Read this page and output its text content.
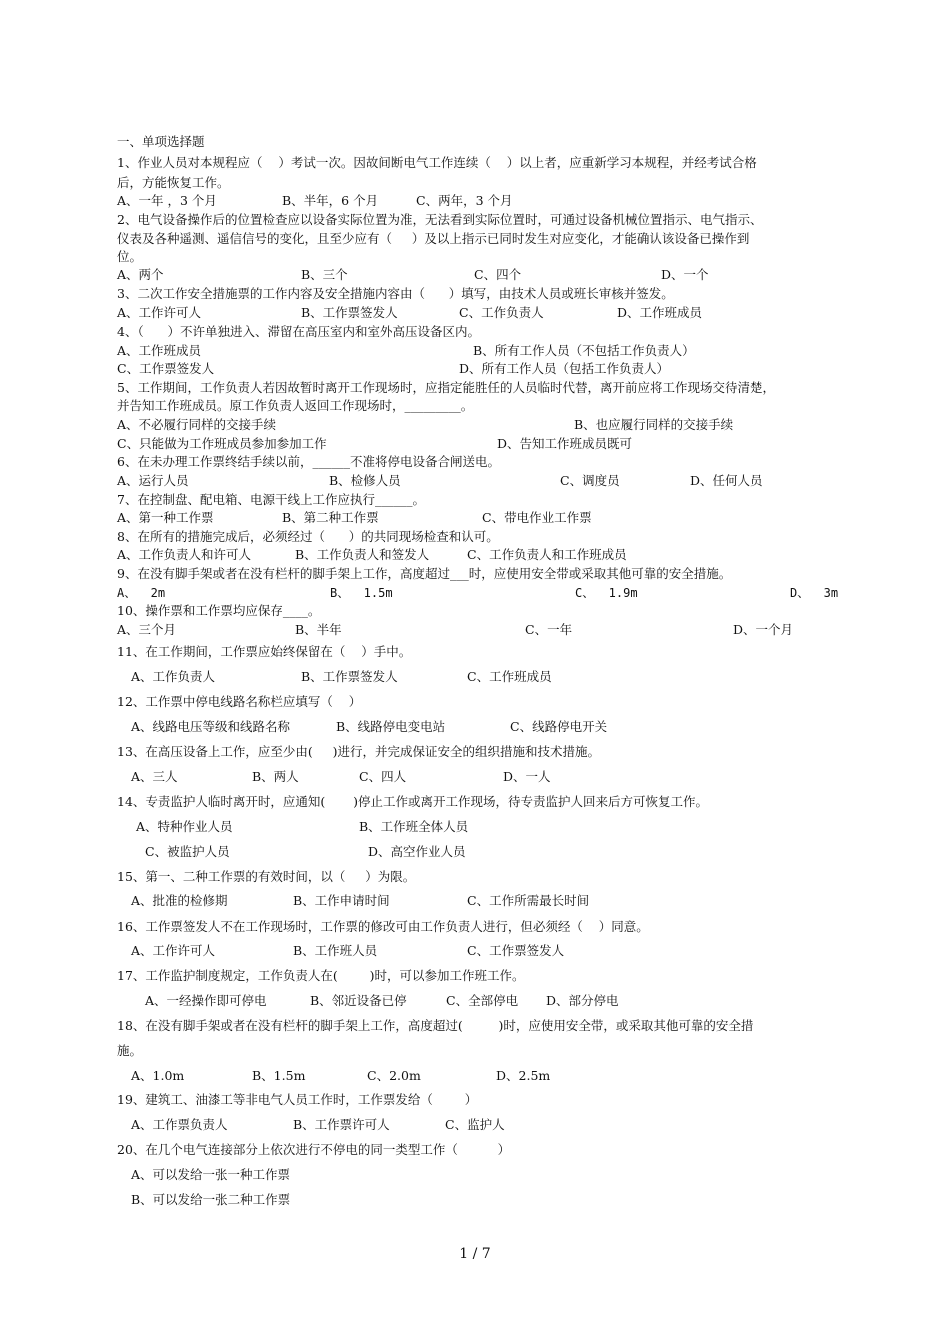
一、单项选择题
1、作业人员对本规程应（    ）考试一次。因故间断电气工作连续（    ）以上者，应重新学习本规程，并经考试合格
后，方能恢复工作。
A、一年 ，3 个月	B、半年，6 个月	C、两年，3 个月
2、电气设备操作后的位置检查应以设备实际位置为准，无法看到实际位置时，可通过设备机械位置指示、电气指示、
仪表及各种遥测、遥信信号的变化，且至少应有（     ）及以上指示已同时发生对应变化，才能确认该设备已操作到
位。
A、两个	B、三个	C、四个	D、一个
3、二次工作安全措施票的工作内容及安全措施内容由（      ）填写，由技术人员或班长审核并签发。
A、工作许可人	B、工作票签发人	C、工作负责人	D、工作班成员
4、（      ）不许单独进入、滞留在高压室内和室外高压设备区内。
A、工作班成员	B、所有工作人员（不包括工作负责人）
C、工作票签发人	D、所有工作人员（包括工作负责人）
5、工作期间，工作负责人若因故暂时离开工作现场时，应指定能胜任的人员临时代替，离开前应将工作现场交待清楚，
并告知工作班成员。原工作负责人返回工作现场时，_________。
A、不必履行同样的交接手续	B、也应履行同样的交接手续
C、只能做为工作班成员参加参加工作	D、告知工作班成员既可
6、在未办理工作票终结手续以前，______不准将停电设备合闸送电。
A、运行人员	B、检修人员	C、调度员	D、任何人员
7、在控制盘、配电箱、电源干线上工作应执行______。
A、第一种工作票	B、第二种工作票	C、带电作业工作票
8、在所有的措施完成后，必须经过（      ）的共同现场检查和认可。
A、工作负责人和许可人	B、工作负责人和签发人	C、工作负责人和工作班成员
9、在没有脚手架或者在没有栏杆的脚手架上工作，高度超过___时，应使用安全带或采取其他可靠的安全措施。
A、  2m	B、  1.5m	C、  1.9m	D、  3m
10、操作票和工作票均应保存____。
A、三个月	B、半年	C、一年	D、一个月
11、在工作期间，工作票应始终保留在（    ）手中。
A、工作负责人	B、工作票签发人	C、工作班成员
12、工作票中停电线路名称栏应填写（    ）
A、线路电压等级和线路名称	B、线路停电变电站	C、线路停电开关
13、在高压设备上工作，应至少由(     )进行，并完成保证安全的组织措施和技术措施。
A、三人	B、两人	C、四人	D、一人
14、专责监护人临时离开时，应通知(       )停止工作或离开工作现场，待专责监护人回来后方可恢复工作。
A、特种作业人员	B、工作班全体人员
C、被监护人员	D、高空作业人员
15、第一、二种工作票的有效时间，以（     ）为限。
A、批准的检修期	B、工作申请时间	C、工作所需最长时间
16、工作票签发人不在工作现场时，工作票的修改可由工作负责人进行，但必须经（    ）同意。
A、工作许可人	B、工作班人员	C、工作票签发人
17、工作监护制度规定，工作负责人在(        )时，可以参加工作班工作。
A、一经操作即可停电	B、邻近设备已停	C、全部停电 D、部分停电
18、在没有脚手架或者在没有栏杆的脚手架上工作，高度超过(         )时，应使用安全带，或采取其他可靠的安全措
施。
A、1.0m	B、1.5m	C、2.0m	D、2.5m
19、建筑工、油漆工等非电气人员工作时，工作票发给（        ）
A、工作票负责人	B、工作票许可人	C、监护人
20、在几个电气连接部分上依次进行不停电的同一类型工作（          ）
A、可以发给一张一种工作票
B、可以发给一张二种工作票
1 / 7
